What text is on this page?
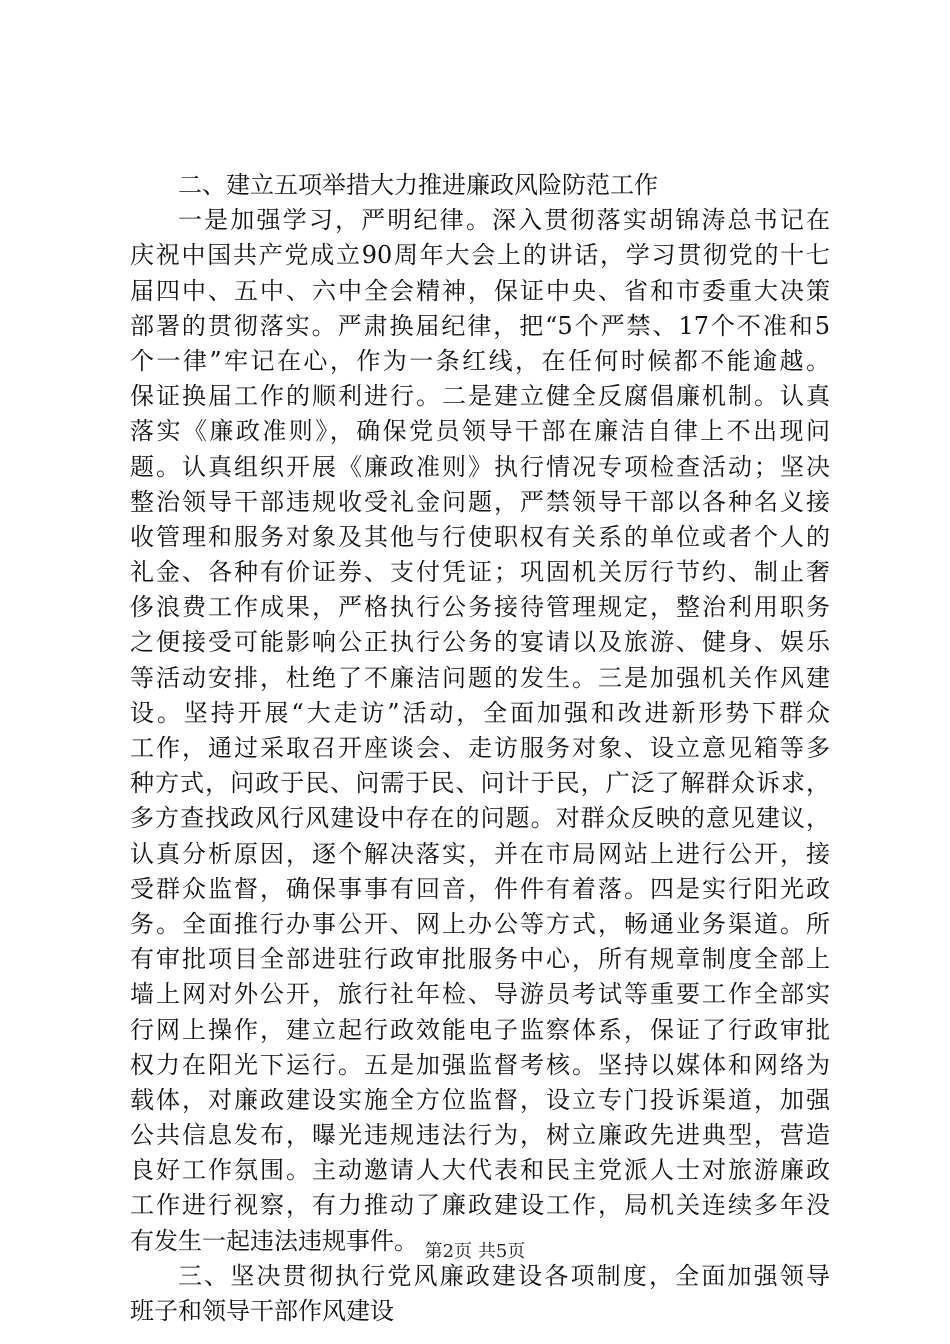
二、建立五项举措大力推进廉政风险防范工作
一是加强学习，严明纪律。深入贯彻落实胡锦涛总书记在
庆祝中国共产党成立90周年大会上的讲话，学习贯彻党的十七
届四中、五中、六中全会精神，保证中央、省和市委重大决策
部署的贯彻落实。严肃换届纪律，把“5个严禁、17个不准和5
个一律”牢记在心，作为一条红线，在任何时候都不能逾越。
保证换届工作的顺利进行。二是建立健全反腐倡廉机制。认真
落实《廉政准则》，确保党员领导干部在廉洁自律上不出现问
题。认真组织开展《廉政准则》执行情况专项检查活动；坚决
整治领导干部违规收受礼金问题，严禁领导干部以各种名义接
收管理和服务对象及其他与行使职权有关系的单位或者个人的
礼金、各种有价证券、支付凭证；巩固机关厉行节约、制止奢
侈浪费工作成果，严格执行公务接待管理规定，整治利用职务
之便接受可能影响公正执行公务的宴请以及旅游、健身、娱乐
等活动安排，杜绝了不廉洁问题的发生。三是加强机关作风建
设。坚持开展“大走访”活动，全面加强和改进新形势下群众
工作，通过采取召开座谈会、走访服务对象、设立意见箱等多
种方式，问政于民、问需于民、问计于民，广泛了解群众诉求，
多方查找政风行风建设中存在的问题。对群众反映的意见建议，
认真分析原因，逐个解决落实，并在市局网站上进行公开，接
受群众监督，确保事事有回音，件件有着落。四是实行阳光政
务。全面推行办事公开、网上办公等方式，畅通业务渠道。所
有审批项目全部进驻行政审批服务中心，所有规章制度全部上
墙上网对外公开，旅行社年检、导游员考试等重要工作全部实
行网上操作，建立起行政效能电子监察体系，保证了行政审批
权力在阳光下运行。五是加强监督考核。坚持以媒体和网络为
载体，对廉政建设实施全方位监督，设立专门投诉渠道，加强
公共信息发布，曝光违规违法行为，树立廉政先进典型，营造
良好工作氛围。主动邀请人大代表和民主党派人士对旅游廉政
工作进行视察，有力推动了廉政建设工作，局机关连续多年没
有发生一起违法违规事件。
三、坚决贯彻执行党风廉政建设各项制度，全面加强领导
班子和领导干部作风建设
第2页 共5页
